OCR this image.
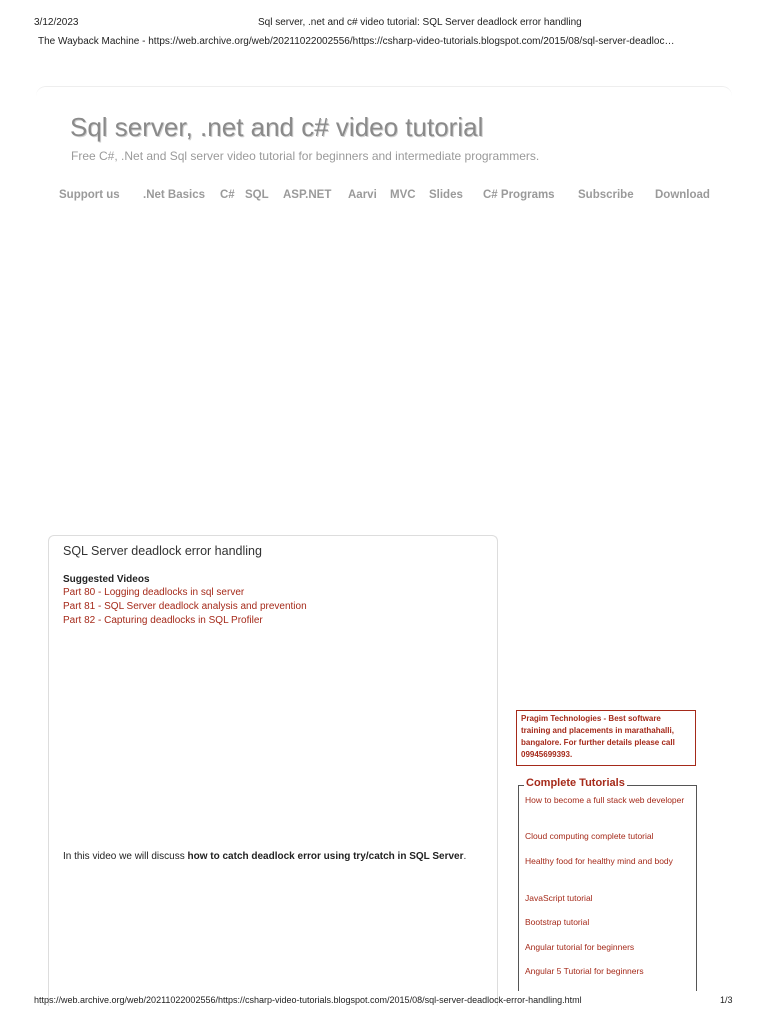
3/12/2023	Sql server, .net and c# video tutorial: SQL Server deadlock error handling
The Wayback Machine - https://web.archive.org/web/20211022002556/https://csharp-video-tutorials.blogspot.com/2015/08/sql-server-deadloc…
Sql server, .net and c# video tutorial
Free C#, .Net and Sql server video tutorial for beginners and intermediate programmers.
Support us .Net Basics C# SQL ASP.NET Aarvi MVC Slides C# Programs Subscribe Download
SQL Server deadlock error handling
Suggested Videos
Part 80 - Logging deadlocks in sql server
Part 81 - SQL Server deadlock analysis and prevention
Part 82 - Capturing deadlocks in SQL Profiler
In this video we will discuss how to catch deadlock error using try/catch in SQL Server.
Pragim Technologies - Best software training and placements in marathahalli, bangalore. For further details please call 09945699393.
Complete Tutorials
How to become a full stack web developer
Cloud computing complete tutorial
Healthy food for healthy mind and body
JavaScript tutorial
Bootstrap tutorial
Angular tutorial for beginners
Angular 5 Tutorial for beginners
https://web.archive.org/web/20211022002556/https://csharp-video-tutorials.blogspot.com/2015/08/sql-server-deadlock-error-handling.html	1/3
